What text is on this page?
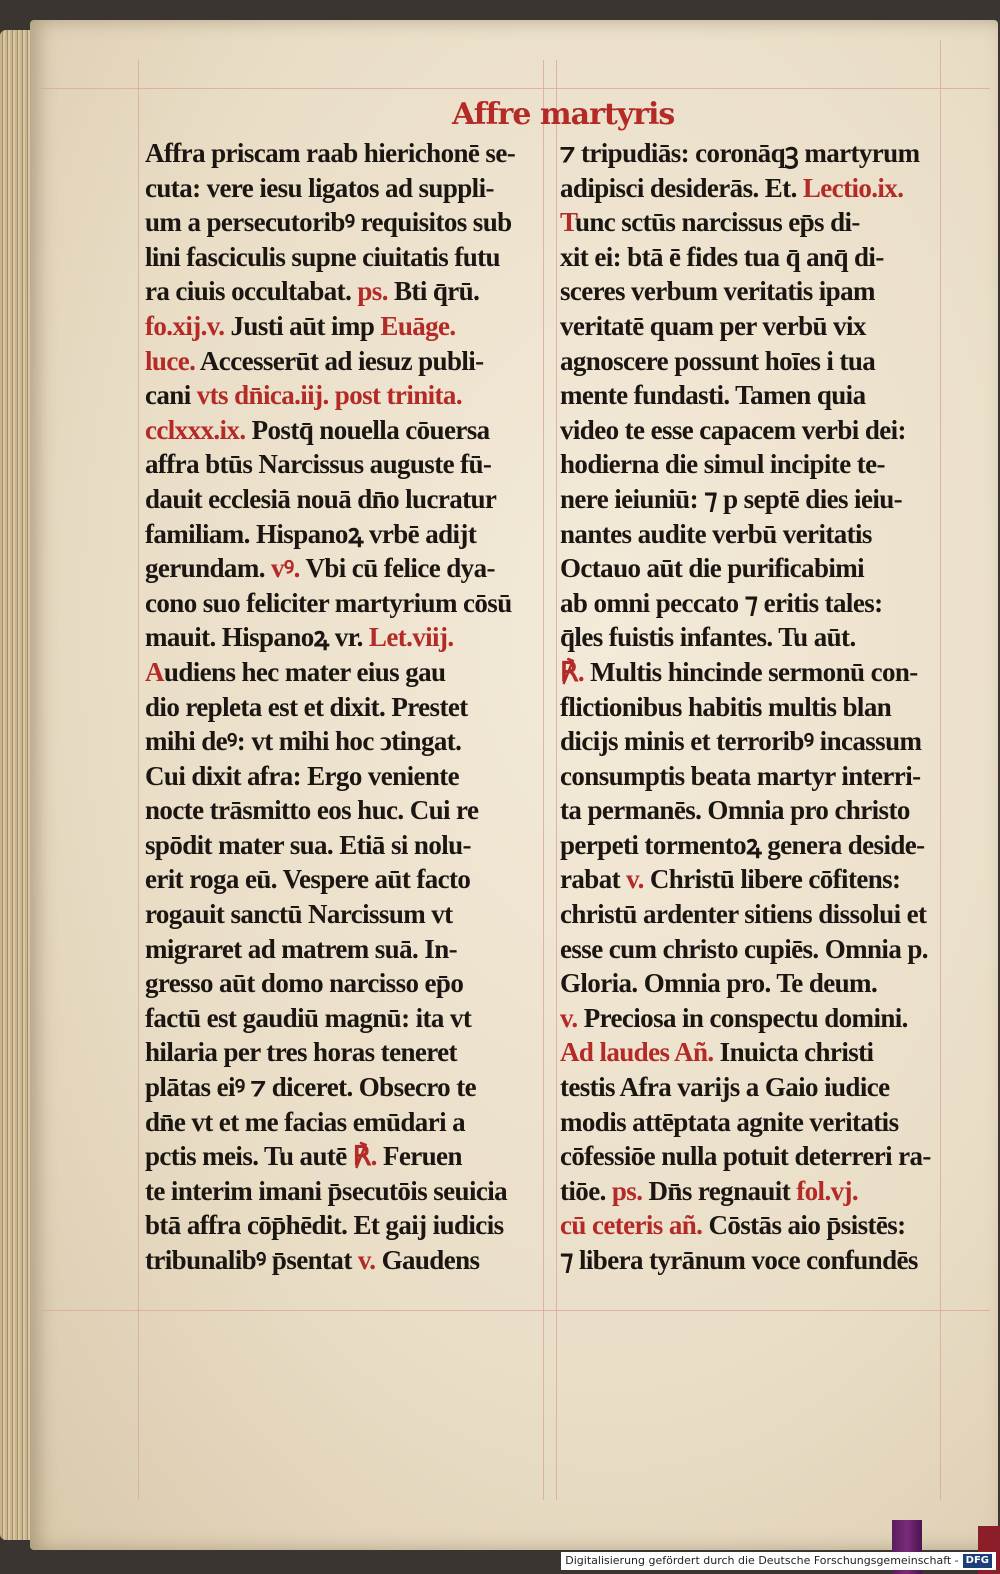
Affre martyris
Affra priscam raab hierichonē se-
cuta: vere iesu ligatos ad suppli-
um a persecutoribꝰ requisitos sub
lini fasciculis supne ciuitatis futu
ra ciuis occultabat. ps. Bti q̄rū.
fo.xij.v. Justi aūt imp Euāge.
luce. Accesserūt ad iesuz publi-
cani vts dn̄ica.iij. post trinita.
cclxxx.ix. Postq̄ nouella cōuersa
affra btūs Narcissus auguste fū-
dauit ecclesiā nouā dn̄o lucratur
familiam. Hispanoꝝ vrbē adijt
gerundam. vꝰ. Vbi cū felice dya-
cono suo feliciter martyrium cōsū
mauit. Hispanoꝝ vr. Let.viij.
Audiens hec mater eius gau
dio repleta est et dixit. Prestet
mihi deꝰ: vt mihi hoc ↄtingat.
Cui dixit afra: Ergo veniente
nocte trāsmitto eos huc. Cui re
spōdit mater sua. Etiā si nolu-
erit roga eū. Vespere aūt facto
rogauit sanctū Narcissum vt
migraret ad matrem suā. In-
gresso aūt domo narcisso ep̄o
factū est gaudiū magnū: ita vt
hilaria per tres horas teneret
plātas eiꝰ ⁊ diceret. Obsecro te
dn̄e vt et me facias emūdari a
pctis meis. Tu autē ℟. Feruen
te interim imani p̄secutōis seuicia
btā affra cōp̄hēdit. Et gaij iudicis
tribunalibꝰ p̄sentat v. Gaudens
⁊ tripudiās: coronāqꝫ martyrum
adipisci desiderās. Et. Lectio.ix.
Tunc sctūs narcissus ep̄s di-
xit ei: btā ē fides tua q̄ anq̄ di-
sceres verbum veritatis ipam
veritatē quam per verbū vix
agnoscere possunt hoīes i tua
mente fundasti. Tamen quia
video te esse capacem verbi dei:
hodierna die simul incipite te-
nere ieiuniū: ⁊ p septē dies ieiu-
nantes audite verbū veritatis
Octauo aūt die purificabimi
ab omni peccato ⁊ eritis tales:
q̄les fuistis infantes. Tu aūt.
℟. Multis hincinde sermonū con-
flictionibus habitis multis blan
dicijs minis et terroribꝰ incassum
consumptis beata martyr interri-
ta permanēs. Omnia pro christo
perpeti tormentoꝝ genera deside-
rabat v. Christū libere cōfitens:
christū ardenter sitiens dissolui et
esse cum christo cupiēs. Omnia p.
Gloria. Omnia pro. Te deum.
v. Preciosa in conspectu domini.
Ad laudes Añ. Inuicta christi
testis Afra varijs a Gaio iudice
modis attēptata agnite veritatis
cōfessiōe nulla potuit deterreri ra-
tiōe. ps. Dn̄s regnauit fol.vj.
cū ceteris añ. Cōstās aio p̄sistēs:
⁊ libera tyrānum voce confundēs
Digitalisierung gefördert durch die Deutsche Forschungsgemeinschaft - DFG
